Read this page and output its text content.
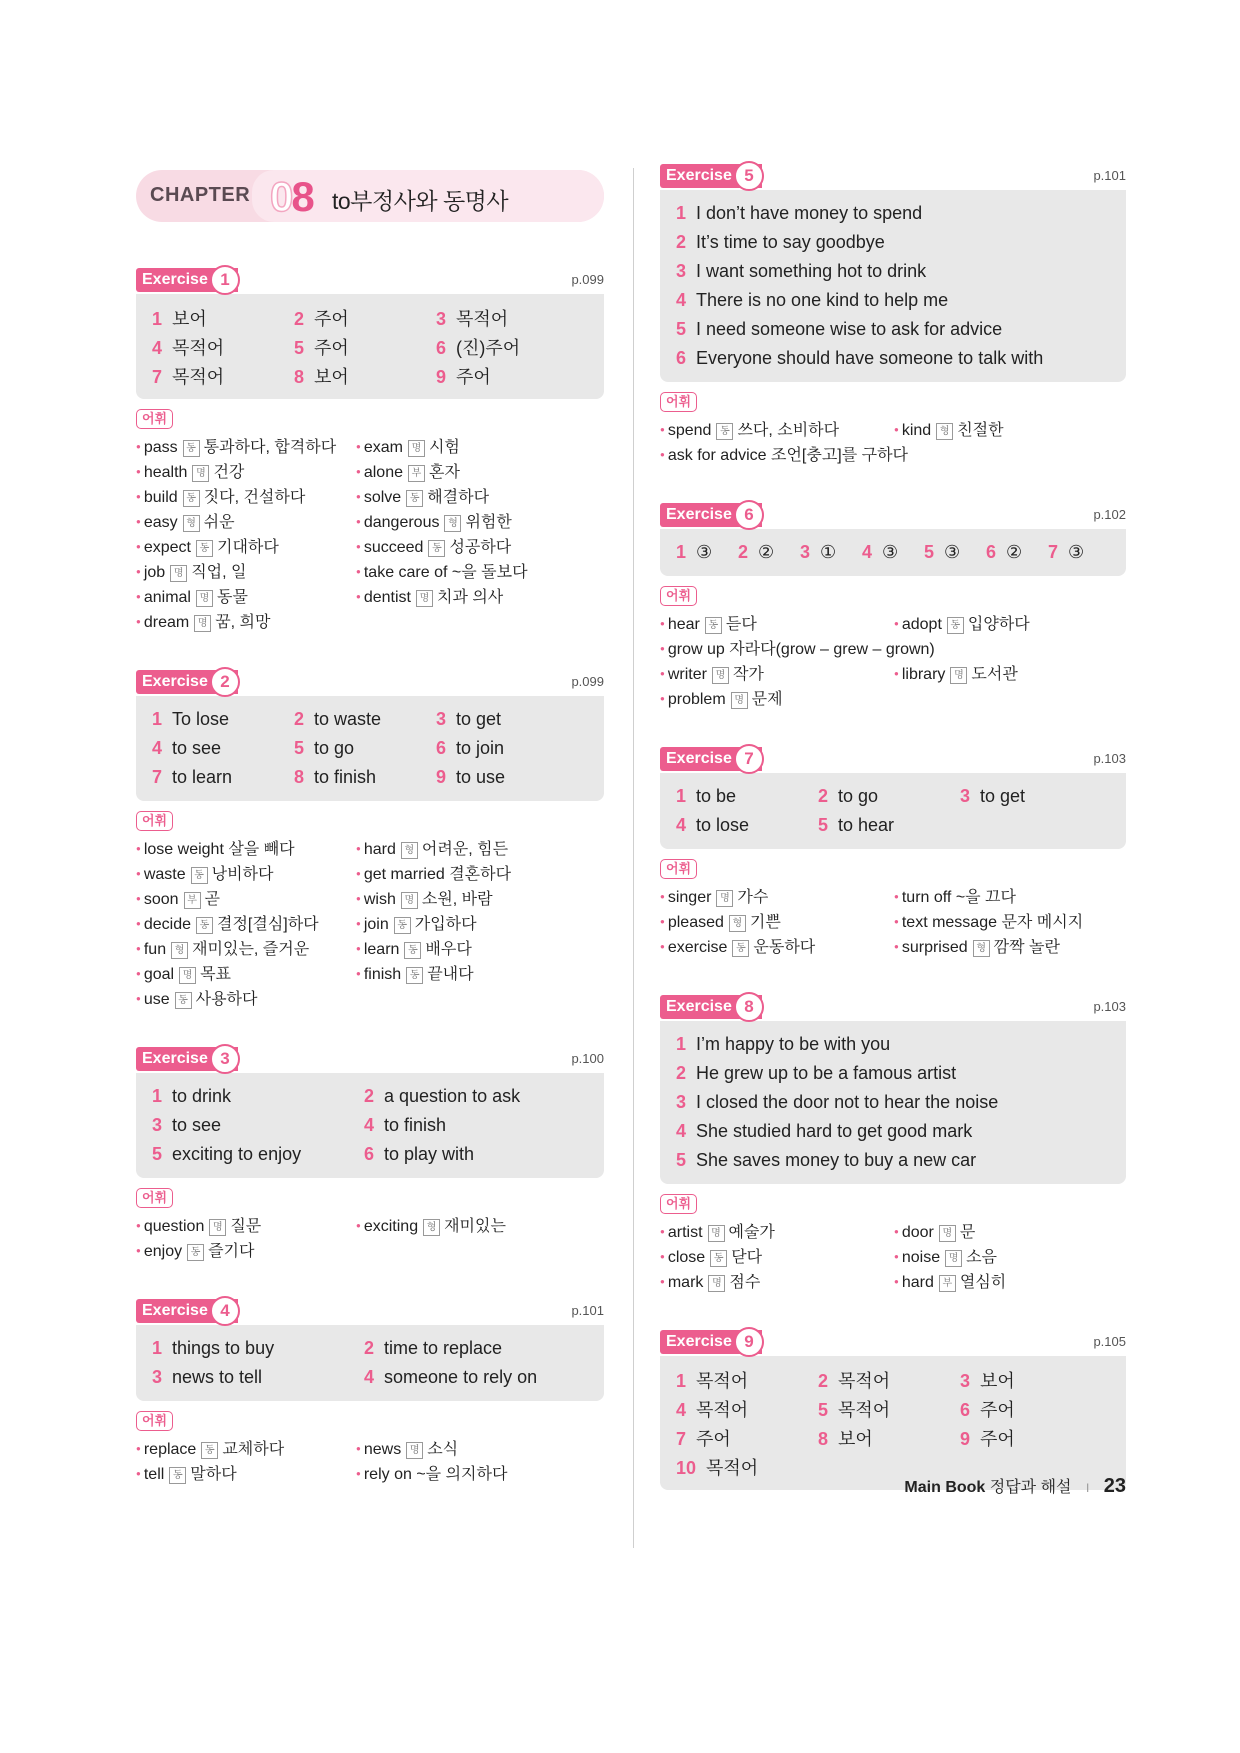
CHAPTER 08 to부정사와 동명사
Exercise 1	p.099
1 보어	2 주어	3 목적어
4 목적어	5 주어	6 (진)주어
7 목적어	8 보어	9 주어
어휘
● pass 동 통과하다, 합격하다
● health 명 건강
● build 동 짓다, 건설하다
● easy 형 쉬운
● expect 동 기대하다
● job 명 직업, 일
● animal 명 동물
● dream 명 꿈, 희망
● exam 명 시험
● alone 부 혼자
● solve 동 해결하다
● dangerous 형 위험한
● succeed 동 성공하다
● take care of ~을 돌보다
● dentist 명 치과 의사
Exercise 2	p.099
1 To lose	2 to waste	3 to get
4 to see	5 to go	6 to join
7 to learn	8 to finish	9 to use
어휘
● lose weight 살을 빼다
● waste 동 낭비하다
● soon 부 곧
● decide 동 결정[결심]하다
● fun 형 재미있는, 즐거운
● goal 명 목표
● use 동 사용하다
● hard 형 어려운, 힘든
● get married 결혼하다
● wish 명 소원, 바람
● join 동 가입하다
● learn 동 배우다
● finish 동 끝내다
Exercise 3	p.100
1 to drink	2 a question to ask
3 to see	4 to finish
5 exciting to enjoy	6 to play with
어휘
● question 명 질문
● enjoy 동 즐기다
● exciting 형 재미있는
Exercise 4	p.101
1 things to buy	2 time to replace
3 news to tell	4 someone to rely on
어휘
● replace 동 교체하다
● tell 동 말하다
● news 명 소식
● rely on ~을 의지하다
Exercise 5	p.101
1 I don’t have money to spend
2 It’s time to say goodbye
3 I want something hot to drink
4 There is no one kind to help me
5 I need someone wise to ask for advice
6 Everyone should have someone to talk with
어휘
● spend 동 쓰다, 소비하다
● ask for advice 조언[충고]를 구하다
● kind 형 친절한
Exercise 6	p.102
1 ③	2 ②	3 ①	4 ③	5 ③	6 ②	7 ③
어휘
● hear 동 듣다
● grow up 자라다(grow – grew – grown)
● writer 명 작가
● problem 명 문제
● adopt 동 입양하다
● library 명 도서관
Exercise 7	p.103
1 to be	2 to go	3 to get
4 to lose	5 to hear
어휘
● singer 명 가수
● pleased 형 기쁜
● exercise 동 운동하다
● turn off ~을 끄다
● text message 문자 메시지
● surprised 형 깜짝 놀란
Exercise 8	p.103
1 I’m happy to be with you
2 He grew up to be a famous artist
3 I closed the door not to hear the noise
4 She studied hard to get good mark
5 She saves money to buy a new car
어휘
● artist 명 예술가
● close 동 닫다
● mark 명 점수
● door 명 문
● noise 명 소음
● hard 부 열심히
Exercise 9	p.105
1 목적어	2 목적어	3 보어
4 목적어	5 목적어	6 주어
7 주어	8 보어	9 주어
10 목적어
Main Book 정답과 해설 I 23
